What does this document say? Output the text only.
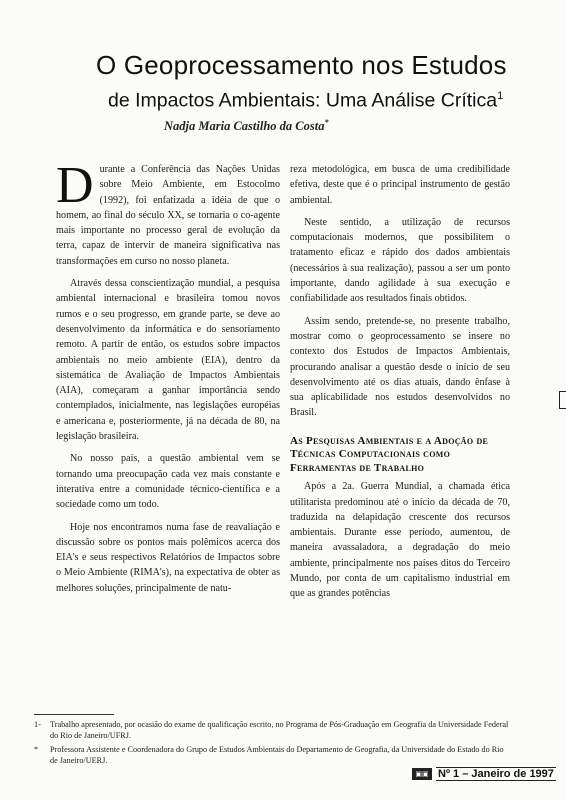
O Geoprocessamento nos Estudos
de Impactos Ambientais: Uma Análise Crítica$^1$
Nadja Maria Castilho da Costa*

Durante a Conferência das Nações Unidas sobre Meio Ambiente, em Estocolmo (1992), foi enfatizada a idéia de que o homem, ao final do século XX, se tornaria o co-agente mais importante no processo geral de evolução da terra, capaz de intervir de maneira significativa nas transformações em curso no nosso planeta.

Através dessa conscientização mundial, a pesquisa ambiental internacional e brasileira tomou novos rumos e o seu progresso, em grande parte, se deve ao desenvolvimento da informática e do sensoriamento remoto. A partir de então, os estudos sobre impactos ambientais no meio ambiente (EIA), dentro da sistemática de Avaliação de Impactos Ambientais (AIA), começaram a ganhar importância sendo contemplados, inicialmente, nas legislações européias e americana e, posteriormente, já na década de 80, na legislação brasileira.

No nosso país, a questão ambiental vem se tornando uma preocupação cada vez mais constante e interativa entre a comunidade técnico-científica e a sociedade como um todo.

Hoje nos encontramos numa fase de reavaliação e discussão sobre os pontos mais polêmicos acerca dos EIA's e seus respectivos Relatórios de Impactos sobre o Meio Ambiente (RIMA's), na expectativa de obter as melhores soluções, principalmente de natu-

reza metodológica, em busca de uma credibilidade efetiva, deste que é o principal instrumento de gestão ambiental.

Neste sentido, a utilização de recursos computacionais modernos, que possibilitem o tratamento eficaz e rápido dos dados ambientais (necessários à sua realização), passou a ser um ponto importante, dando agilidade à sua execução e confiabilidade aos resultados finais obtidos.

Assim sendo, pretende-se, no presente trabalho, mostrar como o geoprocessamento se insere no contexto dos Estudos de Impactos Ambientais, procurando analisar a questão desde o início de seu desenvolvimento até os dias atuais, dando ênfase à sua aplicabilidade nos estudos desenvolvidos no Brasil.

As Pesquisas Ambientais e a Adoção de Técnicas Computacionais como Ferramentas de Trabalho

Após a 2a. Guerra Mundial, a chamada ética utilitarista predominou até o início da década de 70, traduzida na delapidação crescente dos recursos ambientais. Durante esse período, aumentou, de maneira avassaladora, a degradação do meio ambiente, principalmente nos países ditos do Terceiro Mundo, por conta de um capitalismo industrial em que as grandes potências

1-	Trabalho apresentado, por ocasião do exame de qualificação escrito, no Programa de Pós-Graduação em Geografia da Universidade Federal do Rio de Janeiro/UFRJ.
*	Professora Assistente e Coordenadora do Grupo de Estudos Ambientais do Departamento de Geografia, da Universidade do Estado do Rio de Janeiro/UERJ.
▣▣ Nº 1 – Janeiro de 1997
